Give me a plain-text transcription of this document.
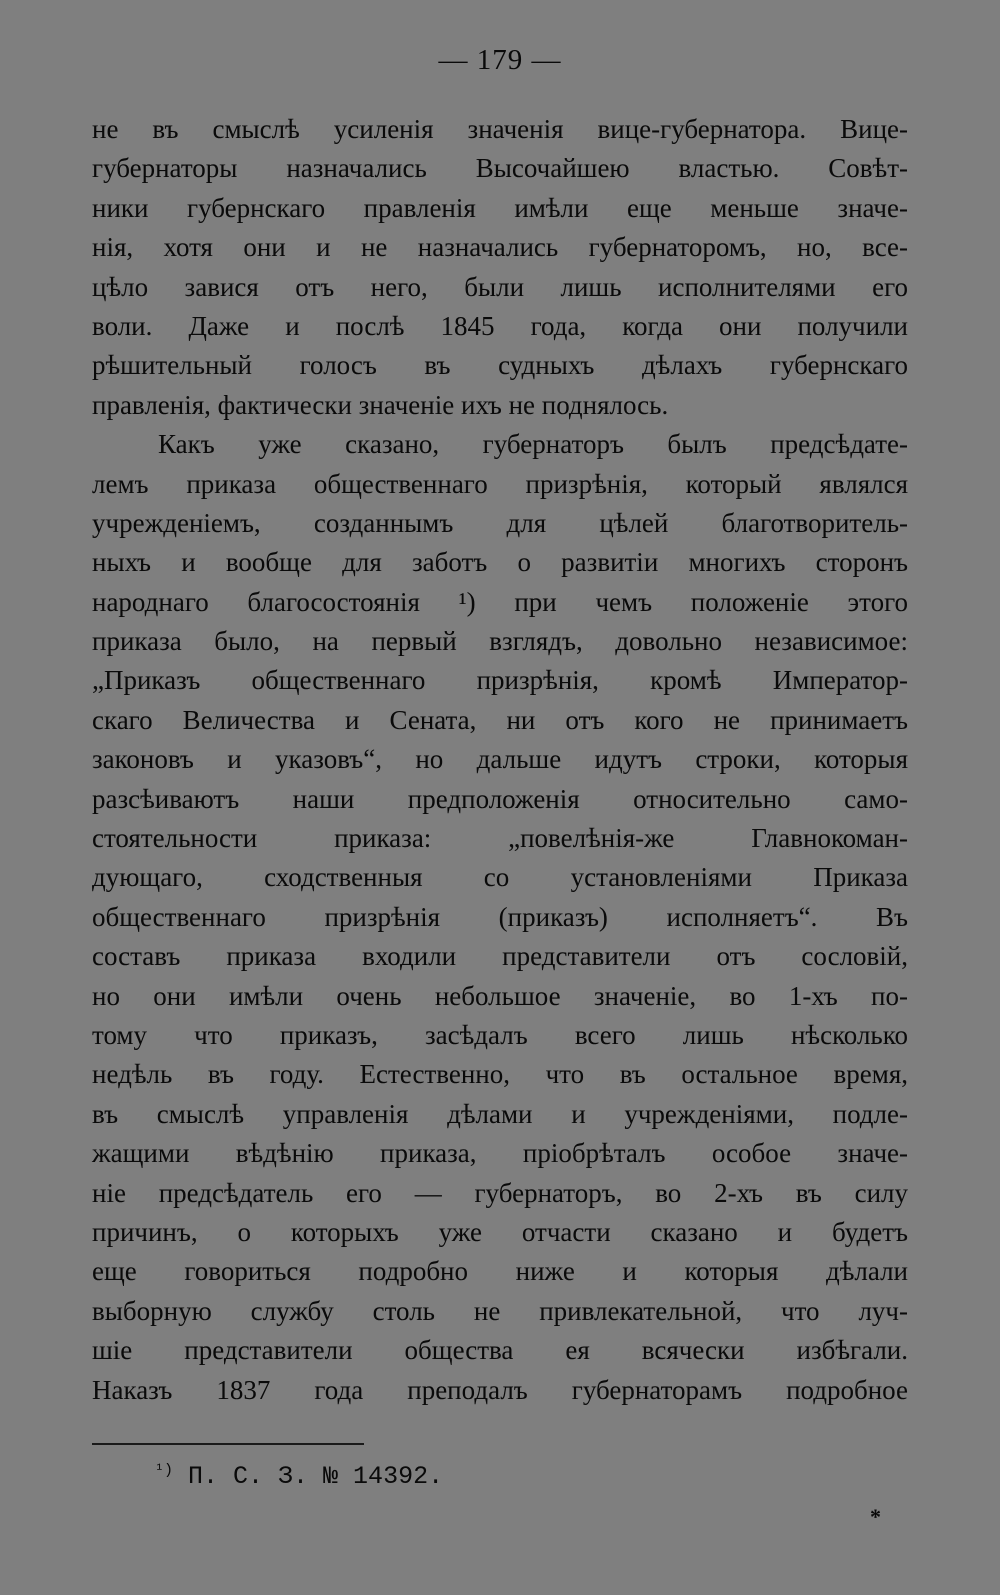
— 179 —
не въ смыслѣ усиленія значенія вице-губернатора. Вице-
губернаторы назначались Высочайшею властью. Совѣт-
ники губернскаго правленія имѣли еще меньше значе-
нія, хотя они и не назначались губернаторомъ, но, все-
цѣло завися отъ него, были лишь исполнителями его
воли. Даже и послѣ 1845 года, когда они получили
рѣшительный голосъ въ судныхъ дѣлахъ губернскаго
правленія, фактически значеніе ихъ не поднялось.
Какъ уже сказано, губернаторъ былъ предсѣдате-
лемъ приказа общественнаго призрѣнія, который являлся
учрежденіемъ, созданнымъ для цѣлей благотворитель-
ныхъ и вообще для заботъ о развитіи многихъ сторонъ
народнаго благосостоянія ¹) при чемъ положеніе этого
приказа было, на первый взглядъ, довольно независимое:
„Приказъ общественнаго призрѣнія, кромѣ Император-
скаго Величества и Сената, ни отъ кого не принимаетъ
законовъ и указовъ“, но дальше идутъ строки, которыя
разсѣиваютъ наши предположенія относительно само-
стоятельности приказа: „повелѣнія-же Главнокоман-
дующаго, сходственныя со установленіями Приказа
общественнаго призрѣнія (приказъ) исполняетъ“. Въ
составъ приказа входили представители отъ сословій,
но они имѣли очень небольшое значеніе, во 1-хъ по-
тому что приказъ, засѣдалъ всего лишь нѣсколько
недѣль въ году. Естественно, что въ остальное время,
въ смыслѣ управленія дѣлами и учрежденіями, подле-
жащими вѣдѣнію приказа, пріобрѣталъ особое значе-
ніе предсѣдатель его — губернаторъ, во 2-хъ въ силу
причинъ, о которыхъ уже отчасти сказано и будетъ
еще говориться подробно ниже и которыя дѣлали
выборную службу столь не привлекательной, что луч-
шіе представители общества ея всячески избѣгали.
Наказъ 1837 года преподалъ губернаторамъ подробное
$^{^1)}$ П. С. З. № 14392.
*
